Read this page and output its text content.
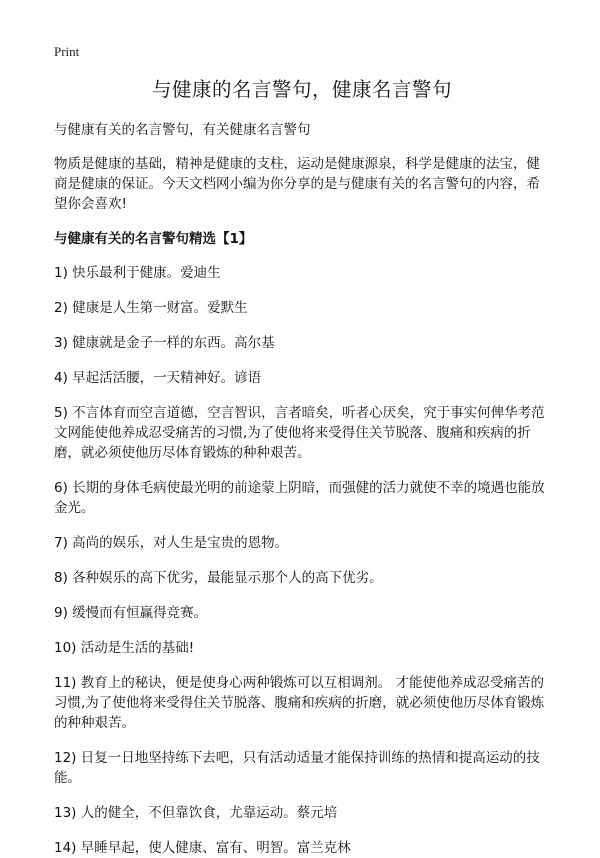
Print
与健康的名言警句，健康名言警句

与健康有关的名言警句，有关健康名言警句

物质是健康的基础，精神是健康的支柱，运动是健康源泉，科学是健康的法宝，健商是健康的保证。今天文档网小编为你分享的是与健康有关的名言警句的内容，希望你会喜欢!

与健康有关的名言警句精选【1】

1) 快乐最利于健康。爱迪生

2) 健康是人生第一财富。爱默生

3) 健康就是金子一样的东西。高尔基

4) 早起活活腰，一天精神好。谚语

5) 不言体育而空言道德，空言智识，言者暗矣，听者心厌矣，究于事实何俾华考范文网能使他养成忍受痛苦的习惯,为了使他将来受得住关节脱落、腹痛和疾病的折磨，就必须使他历尽体育锻炼的种种艰苦。

6) 长期的身体毛病使最光明的前途蒙上阴暗，而强健的活力就使不幸的境遇也能放金光。

7) 高尚的娱乐，对人生是宝贵的恩物。

8) 各种娱乐的高下优劣，最能显示那个人的高下优劣。

9) 缓慢而有恒赢得竞赛。

10) 活动是生活的基础!

11) 教育上的秘诀，便是使身心两种锻炼可以互相调剂。 才能使他养成忍受痛苦的习惯,为了使他将来受得住关节脱落、腹痛和疾病的折磨，就必须使他历尽体育锻炼的种种艰苦。

12) 日复一日地坚持练下去吧，只有活动适量才能保持训练的热情和提高运动的技能。

13) 人的健全，不但靠饮食，尤靠运动。蔡元培

14) 早睡早起，使人健康、富有、明智。富兰克林
